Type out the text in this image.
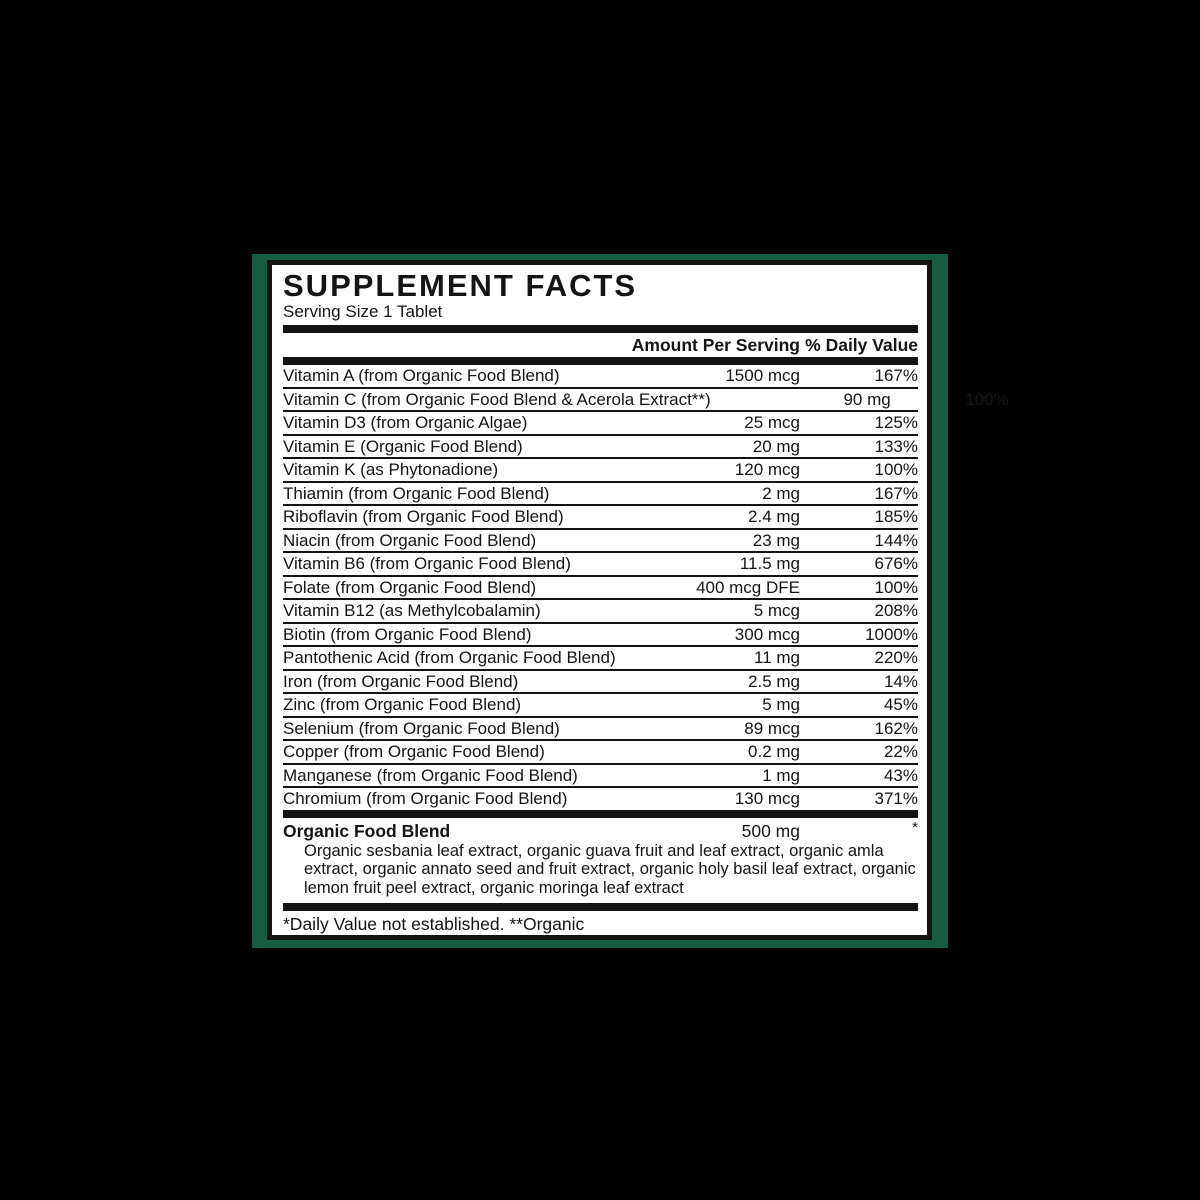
SUPPLEMENT FACTS
Serving Size 1 Tablet
Amount Per Serving % Daily Value
Vitamin A (from Organic Food Blend)	1500 mcg	167%
Vitamin C (from Organic Food Blend & Acerola Extract**)	90 mg	100%
Vitamin D3 (from Organic Algae)	25 mcg	125%
Vitamin E (Organic Food Blend)	20 mg	133%
Vitamin K (as Phytonadione)	120 mcg	100%
Thiamin (from Organic Food Blend)	2 mg	167%
Riboflavin (from Organic Food Blend)	2.4 mg	185%
Niacin (from Organic Food Blend)	23 mg	144%
Vitamin B6 (from Organic Food Blend)	11.5 mg	676%
Folate (from Organic Food Blend)	400 mcg DFE	100%
Vitamin B12 (as Methylcobalamin)	5 mcg	208%
Biotin (from Organic Food Blend)	300 mcg	1000%
Pantothenic Acid (from Organic Food Blend)	11 mg	220%
Iron (from Organic Food Blend)	2.5 mg	14%
Zinc (from Organic Food Blend)	5 mg	45%
Selenium (from Organic Food Blend)	89 mcg	162%
Copper (from Organic Food Blend)	0.2 mg	22%
Manganese (from Organic Food Blend)	1 mg	43%
Chromium (from Organic Food Blend)	130 mcg	371%
Organic Food Blend	500 mg	*
Organic sesbania leaf extract, organic guava fruit and leaf extract, organic amla extract, organic annato seed and fruit extract, organic holy basil leaf extract, organic lemon fruit peel extract, organic moringa leaf extract
*Daily Value not established. **Organic
